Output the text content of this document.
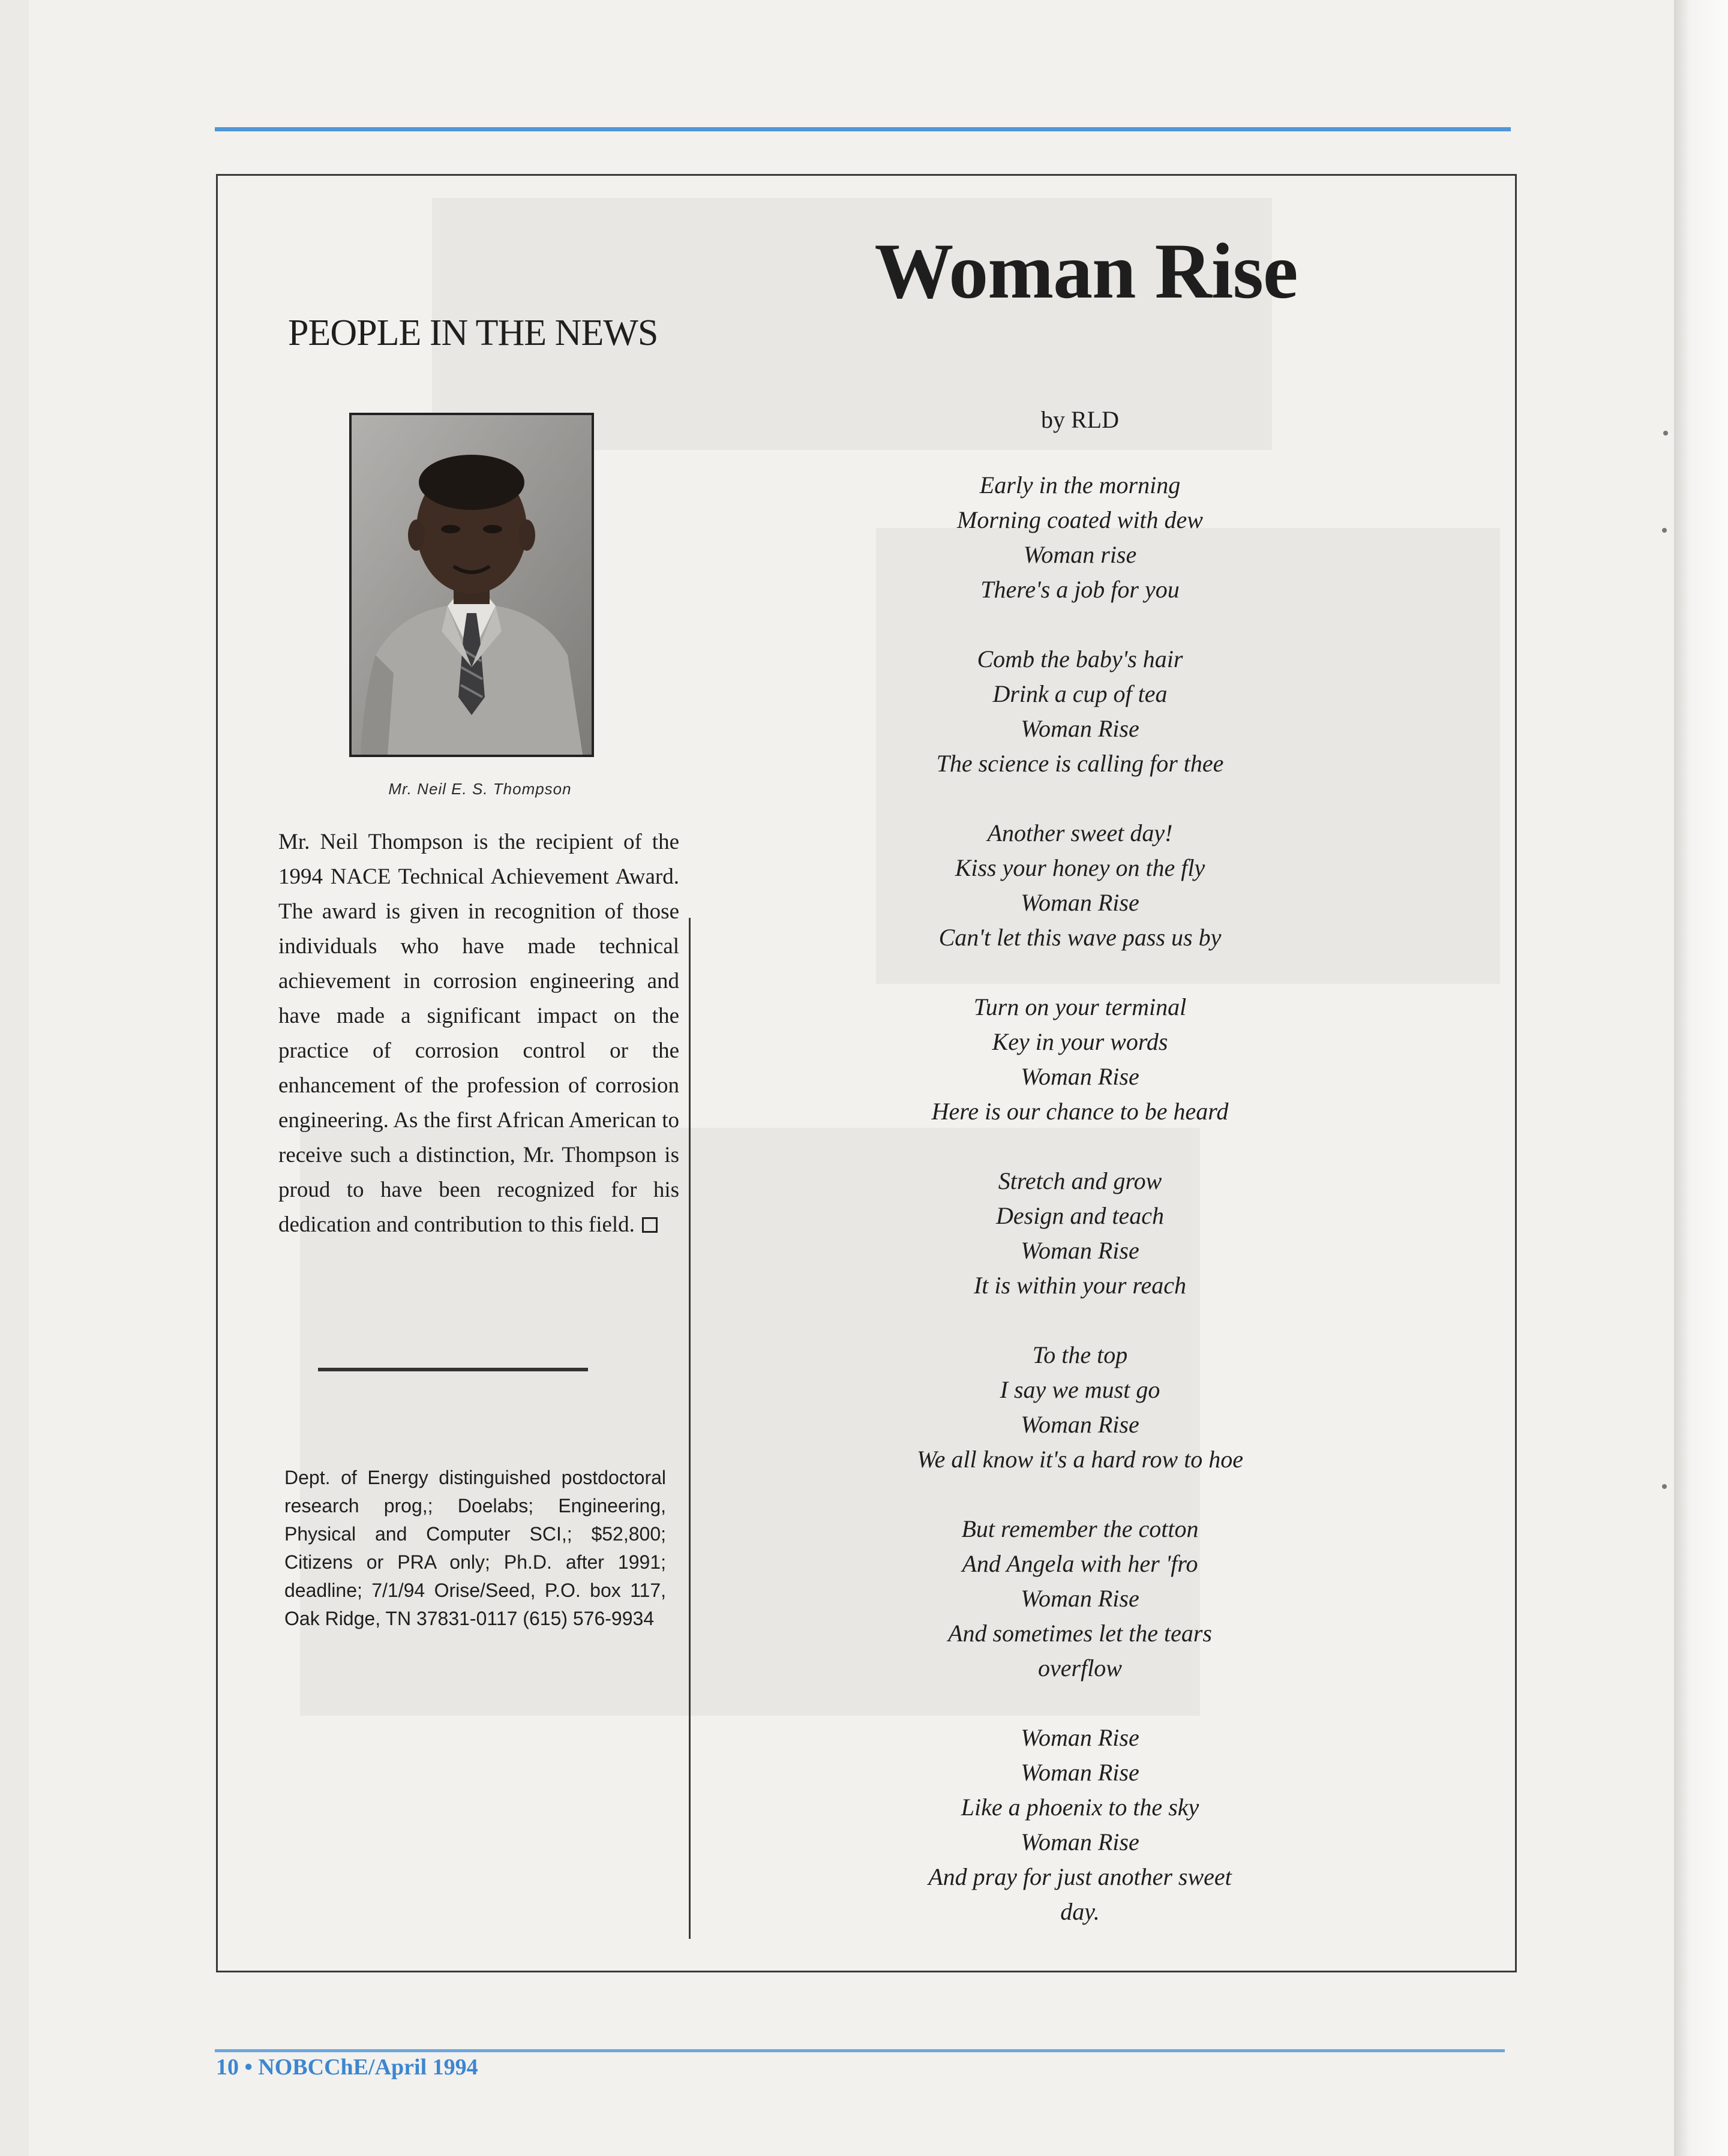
PEOPLE IN THE NEWS
Mr. Neil E. S. Thompson

Mr. Neil Thompson is the recipient of the 1994 NACE Technical Achievement Award. The award is given in recognition of those individuals who have made technical achievement in corrosion engineering and have made a significant impact on the practice of corrosion control or the enhancement of the profession of corrosion engineering. As the first African American to receive such a distinction, Mr. Thompson is proud to have been recognized for his dedication and contribution to this field.

Dept. of Energy distinguished postdoctoral research prog,; Doelabs; Engineering, Physical and Computer SCI,; $52,800; Citizens or PRA only; Ph.D. after 1991; deadline; 7/1/94 Orise/Seed, P.O. box 117, Oak Ridge, TN 37831-0117 (615) 576-9934

Woman Rise
by RLD
Early in the morning
Morning coated with dew
Woman rise
There's a job for you
Comb the baby's hair
Drink a cup of tea
Woman Rise
The science is calling for thee
Another sweet day!
Kiss your honey on the fly
Woman Rise
Can't let this wave pass us by
Turn on your terminal
Key in your words
Woman Rise
Here is our chance to be heard
Stretch and grow
Design and teach
Woman Rise
It is within your reach
To the top
I say we must go
Woman Rise
We all know it's a hard row to hoe
But remember the cotton
And Angela with her 'fro
Woman Rise
And sometimes let the tears
overflow
Woman Rise
Woman Rise
Like a phoenix to the sky
Woman Rise
And pray for just another sweet
day.
10 • NOBCChE/April 1994
